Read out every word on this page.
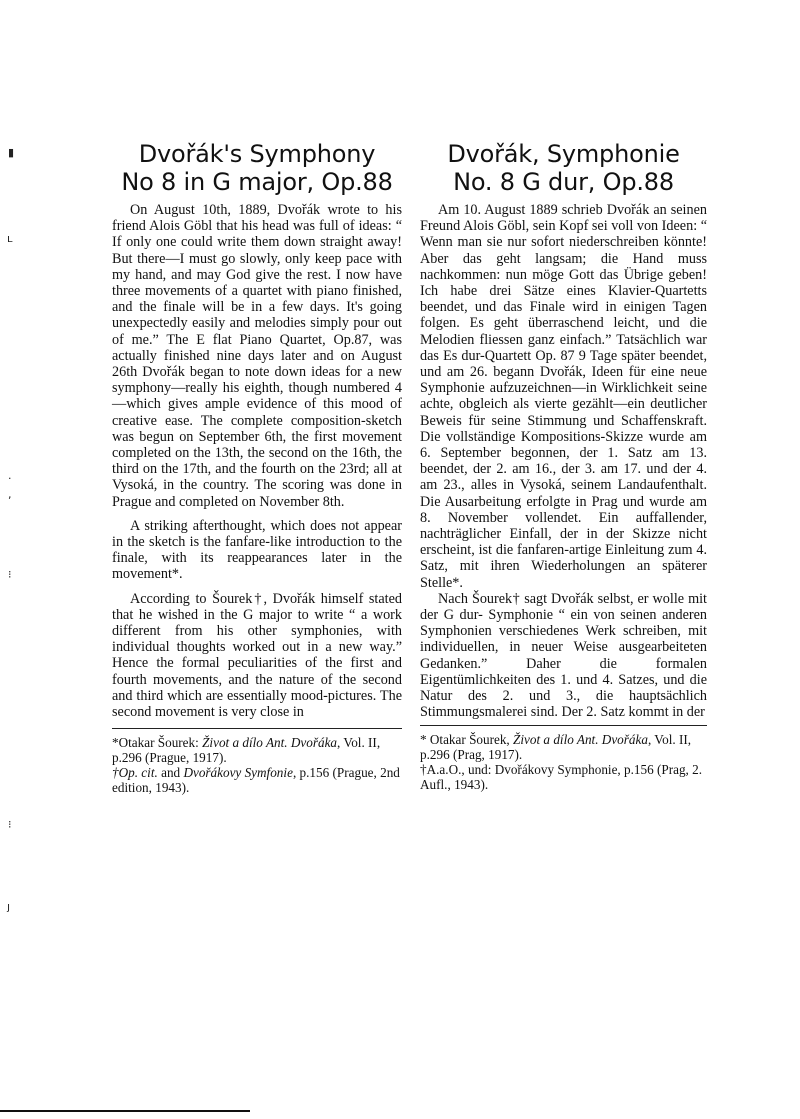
▮
ʟ
·
,
⁝
⁝
ȷ
Dvořák's Symphony
No 8 in G major, Op.88

On August 10th, 1889, Dvořák wrote to his friend Alois Göbl that his head was full of ideas: “ If only one could write them down straight away! But there—I must go slowly, only keep pace with my hand, and may God give the rest. I now have three movements of a quartet with piano finished, and the finale will be in a few days. It's going unexpectedly easily and melodies simply pour out of me.” The E flat Piano Quartet, Op.87, was actually finished nine days later and on August 26th Dvořák began to note down ideas for a new symphony—really his eighth, though numbered 4—which gives ample evidence of this mood of creative ease. The complete composition-sketch was begun on September 6th, the first movement completed on the 13th, the second on the 16th, the third on the 17th, and the fourth on the 23rd; all at Vysoká, in the country. The scoring was done in Prague and completed on November 8th.

A striking afterthought, which does not appear in the sketch is the fanfare-like introduction to the finale, with its reappearances later in the movement*.

According to Šourek†, Dvořák himself stated that he wished in the G major to write “ a work different from his other symphonies, with individual thoughts worked out in a new way.” Hence the formal peculiarities of the first and fourth movements, and the nature of the second and third which are essentially mood-pictures. The second movement is very close in

*Otakar Šourek: Život a dílo Ant. Dvořáka, Vol. II, p.296 (Prague, 1917).

†Op. cit. and Dvořákovy Symfonie, p.156 (Prague, 2nd edition, 1943).

Dvořák, Symphonie
No. 8 G dur, Op.88

Am 10. August 1889 schrieb Dvořák an seinen Freund Alois Göbl, sein Kopf sei voll von Ideen: “ Wenn man sie nur sofort niederschreiben könnte! Aber das geht langsam; die Hand muss nachkommen: nun möge Gott das Übrige geben! Ich habe drei Sätze eines Klavier-Quartetts beendet, und das Finale wird in einigen Tagen folgen. Es geht überraschend leicht, und die Melodien fliessen ganz einfach.” Tatsächlich war das Es dur-Quartett Op. 87 9 Tage später beendet, und am 26. begann Dvořák, Ideen für eine neue Symphonie aufzuzeichnen—in Wirklichkeit seine achte, obgleich als vierte gezählt—ein deutlicher Beweis für seine Stimmung und Schaffenskraft. Die vollständige Kompositions-Skizze wurde am 6. September begonnen, der 1. Satz am 13. beendet, der 2. am 16., der 3. am 17. und der 4. am 23., alles in Vysoká, seinem Landaufenthalt. Die Ausarbeitung erfolgte in Prag und wurde am 8. November vollendet. Ein auffallender, nachträglicher Einfall, der in der Skizze nicht erscheint, ist die fanfaren-artige Einleitung zum 4. Satz, mit ihren Wiederholungen an späterer Stelle*.

Nach Šourek† sagt Dvořák selbst, er wolle mit der G dur- Symphonie “ ein von seinen anderen Symphonien verschiedenes Werk schreiben, mit individuellen, in neuer Weise ausgearbeiteten Gedanken.” Daher die formalen Eigentümlichkeiten des 1. und 4. Satzes, und die Natur des 2. und 3., die hauptsächlich Stimmungsmalerei sind. Der 2. Satz kommt in der

* Otakar Šourek, Život a dílo Ant. Dvořáka, Vol. II, p.296 (Prag, 1917).

†A.a.O., und: Dvořákovy Symphonie, p.156 (Prag, 2. Aufl., 1943).
